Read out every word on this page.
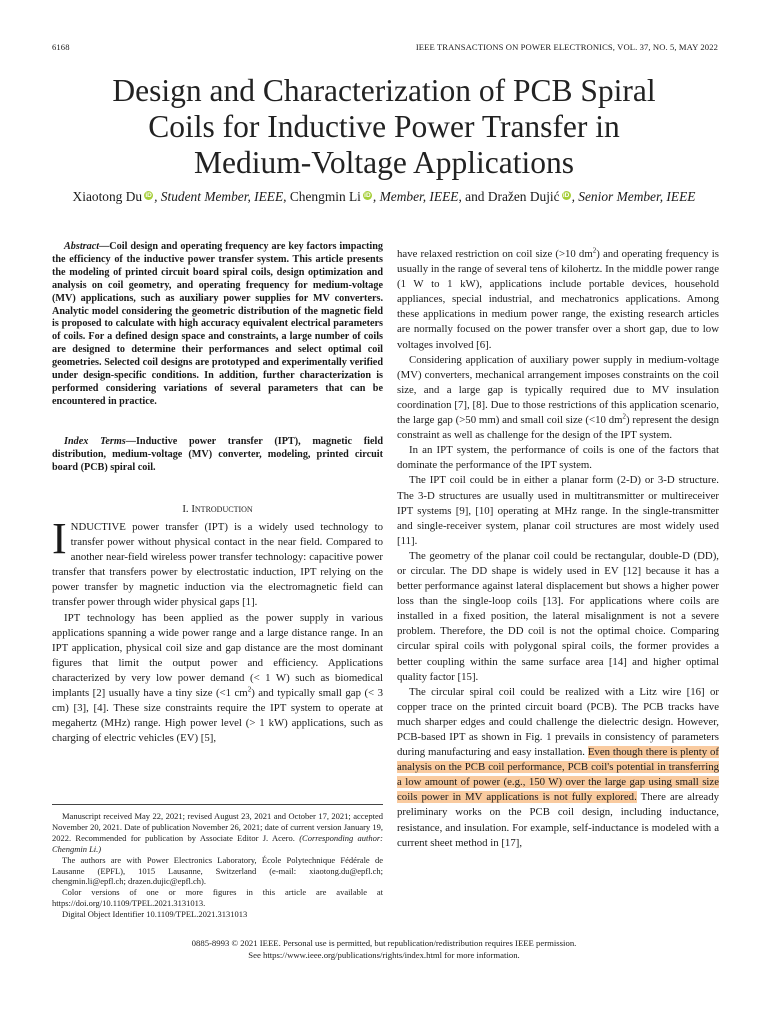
6168	IEEE TRANSACTIONS ON POWER ELECTRONICS, VOL. 37, NO. 5, MAY 2022
Design and Characterization of PCB Spiral
Coils for Inductive Power Transfer in
Medium-Voltage Applications
Xiaotong Du iD , Student Member, IEEE, Chengmin Li iD , Member, IEEE, and Dražen Dujić iD , Senior Member, IEEE

Abstract—Coil design and operating frequency are key factors impacting the efficiency of the inductive power transfer system. This article presents the modeling of printed circuit board spiral coils, design optimization and analysis on coil geometry, and operating frequency for medium-voltage (MV) applications, such as auxiliary power supplies for MV converters. Analytic model considering the geometric distribution of the magnetic field is proposed to calculate with high accuracy equivalent electrical parameters of coils. For a defined design space and constraints, a large number of coils are designed to determine their performances and select optimal coil geometries. Selected coil designs are prototyped and experimentally verified under design-specific conditions. In addition, further characterization is performed considering variations of several parameters that can be encountered in practice.

Index Terms—Inductive power transfer (IPT), magnetic field distribution, medium-voltage (MV) converter, modeling, printed circuit board (PCB) spiral coil.

I. Introduction

INDUCTIVE power transfer (IPT) is a widely used technology to transfer power without physical contact in the near field. Compared to another near-field wireless power transfer technology: capacitive power transfer that transfers power by electrostatic induction, IPT relying on the power transfer by magnetic induction via the electromagnetic field can transfer power through wider physical gaps [1].

IPT technology has been applied as the power supply in various applications spanning a wide power range and a large distance range. In an IPT application, physical coil size and gap distance are the most dominant figures that limit the output power and efficiency. Applications characterized by very low power demand (< 1 W) such as biomedical implants [2] usually have a tiny size (<1 $cm^2$) and typically small gap (< 3 cm) [3], [4]. These size constraints require the IPT system to operate at megahertz (MHz) range. High power level (> 1 kW) applications, such as charging of electric vehicles (EV) [5],

Manuscript received May 22, 2021; revised August 23, 2021 and October 17, 2021; accepted November 20, 2021. Date of publication November 26, 2021; date of current version January 19, 2022. Recommended for publication by Associate Editor J. Acero. (Corresponding author: Chengmin Li.)

The authors are with Power Electronics Laboratory, École Polytechnique Fédérale de Lausanne (EPFL), 1015 Lausanne, Switzerland (e-mail: xiaotong.du@epfl.ch; chengmin.li@epfl.ch; drazen.dujic@epfl.ch).

Color versions of one or more figures in this article are available at https://doi.org/10.1109/TPEL.2021.3131013.

Digital Object Identifier 10.1109/TPEL.2021.3131013

have relaxed restriction on coil size (>10 $dm^2$) and operating frequency is usually in the range of several tens of kilohertz. In the middle power range (1 W to 1 kW), applications include portable devices, household appliances, special industrial, and mechatronics applications. Among these applications in medium power range, the existing research articles are normally focused on the power transfer over a short gap, due to low voltages involved [6].

Considering application of auxiliary power supply in medium-voltage (MV) converters, mechanical arrangement imposes constraints on the coil size, and a large gap is typically required due to MV insulation coordination [7], [8]. Due to those restrictions of this application scenario, the large gap (>50 mm) and small coil size (<10 $dm^2$) represent the design constraint as well as challenge for the design of the IPT system.

In an IPT system, the performance of coils is one of the factors that dominate the performance of the IPT system.

The IPT coil could be in either a planar form (2-D) or 3-D structure. The 3-D structures are usually used in multitransmitter or multireceiver IPT systems [9], [10] operating at MHz range. In the single-transmitter and single-receiver system, planar coil structures are most widely used [11].

The geometry of the planar coil could be rectangular, double-D (DD), or circular. The DD shape is widely used in EV [12] because it has a better performance against lateral displacement but shows a higher power loss than the single-loop coils [13]. For applications where coils are installed in a fixed position, the lateral misalignment is not a severe problem. Therefore, the DD coil is not the optimal choice. Comparing circular spiral coils with polygonal spiral coils, the former provides a better coupling within the same surface area [14] and higher optimal quality factor [15].

The circular spiral coil could be realized with a Litz wire [16] or copper trace on the printed circuit board (PCB). The PCB tracks have much sharper edges and could challenge the dielectric design. However, PCB-based IPT as shown in Fig. 1 prevails in consistency of parameters during manufacturing and easy installation. Even though there is plenty of analysis on the PCB coil performance, PCB coil's potential in transferring a low amount of power (e.g., 150 W) over the large gap using small size coils power in MV applications is not fully explored. There are already preliminary works on the PCB coil design, including inductance, resistance, and insulation. For example, self-inductance is modeled with a current sheet method in [17],

0885-8993 © 2021 IEEE. Personal use is permitted, but republication/redistribution requires IEEE permission.
See https://www.ieee.org/publications/rights/index.html for more information.
